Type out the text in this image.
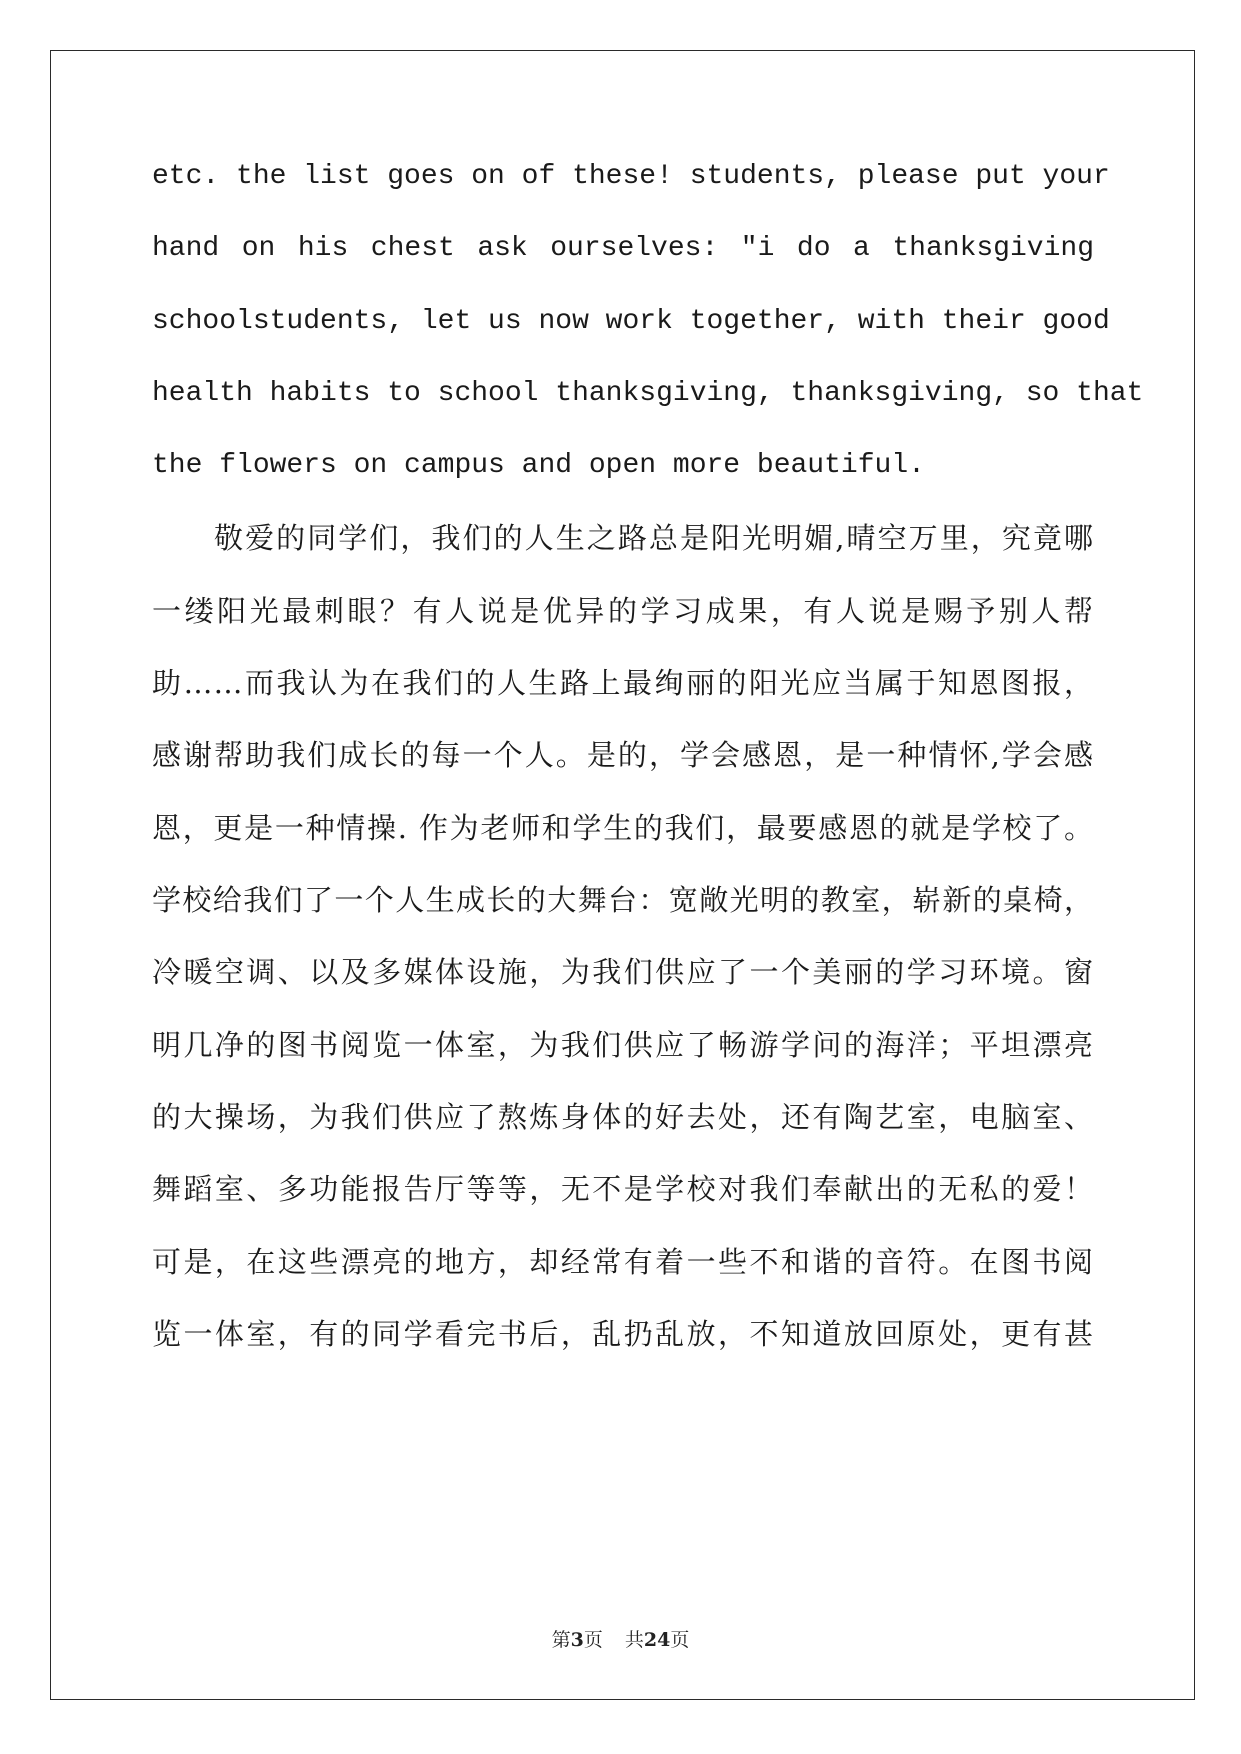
etc. the list goes on of these! students, please put your
hand on his chest ask ourselves: "i do a thanksgiving
schoolstudents, let us now work together, with their good
health habits to school thanksgiving, thanksgiving, so that
the flowers on campus and open more beautiful.
敬爱的同学们，我们的人生之路总是阳光明媚,晴空万里，究竟哪
一缕阳光最刺眼？有人说是优异的学习成果，有人说是赐予别人帮
助……而我认为在我们的人生路上最绚丽的阳光应当属于知恩图报，
感谢帮助我们成长的每一个人。是的，学会感恩，是一种情怀,学会感
恩，更是一种情操. 作为老师和学生的我们，最要感恩的就是学校了。
学校给我们了一个人生成长的大舞台：宽敞光明的教室，崭新的桌椅，
冷暖空调、以及多媒体设施，为我们供应了一个美丽的学习环境。窗
明几净的图书阅览一体室，为我们供应了畅游学问的海洋；平坦漂亮
的大操场，为我们供应了熬炼身体的好去处，还有陶艺室，电脑室、
舞蹈室、多功能报告厅等等，无不是学校对我们奉献出的无私的爱！
可是，在这些漂亮的地方，却经常有着一些不和谐的音符。在图书阅
览一体室，有的同学看完书后，乱扔乱放，不知道放回原处，更有甚
第3页 共24页
